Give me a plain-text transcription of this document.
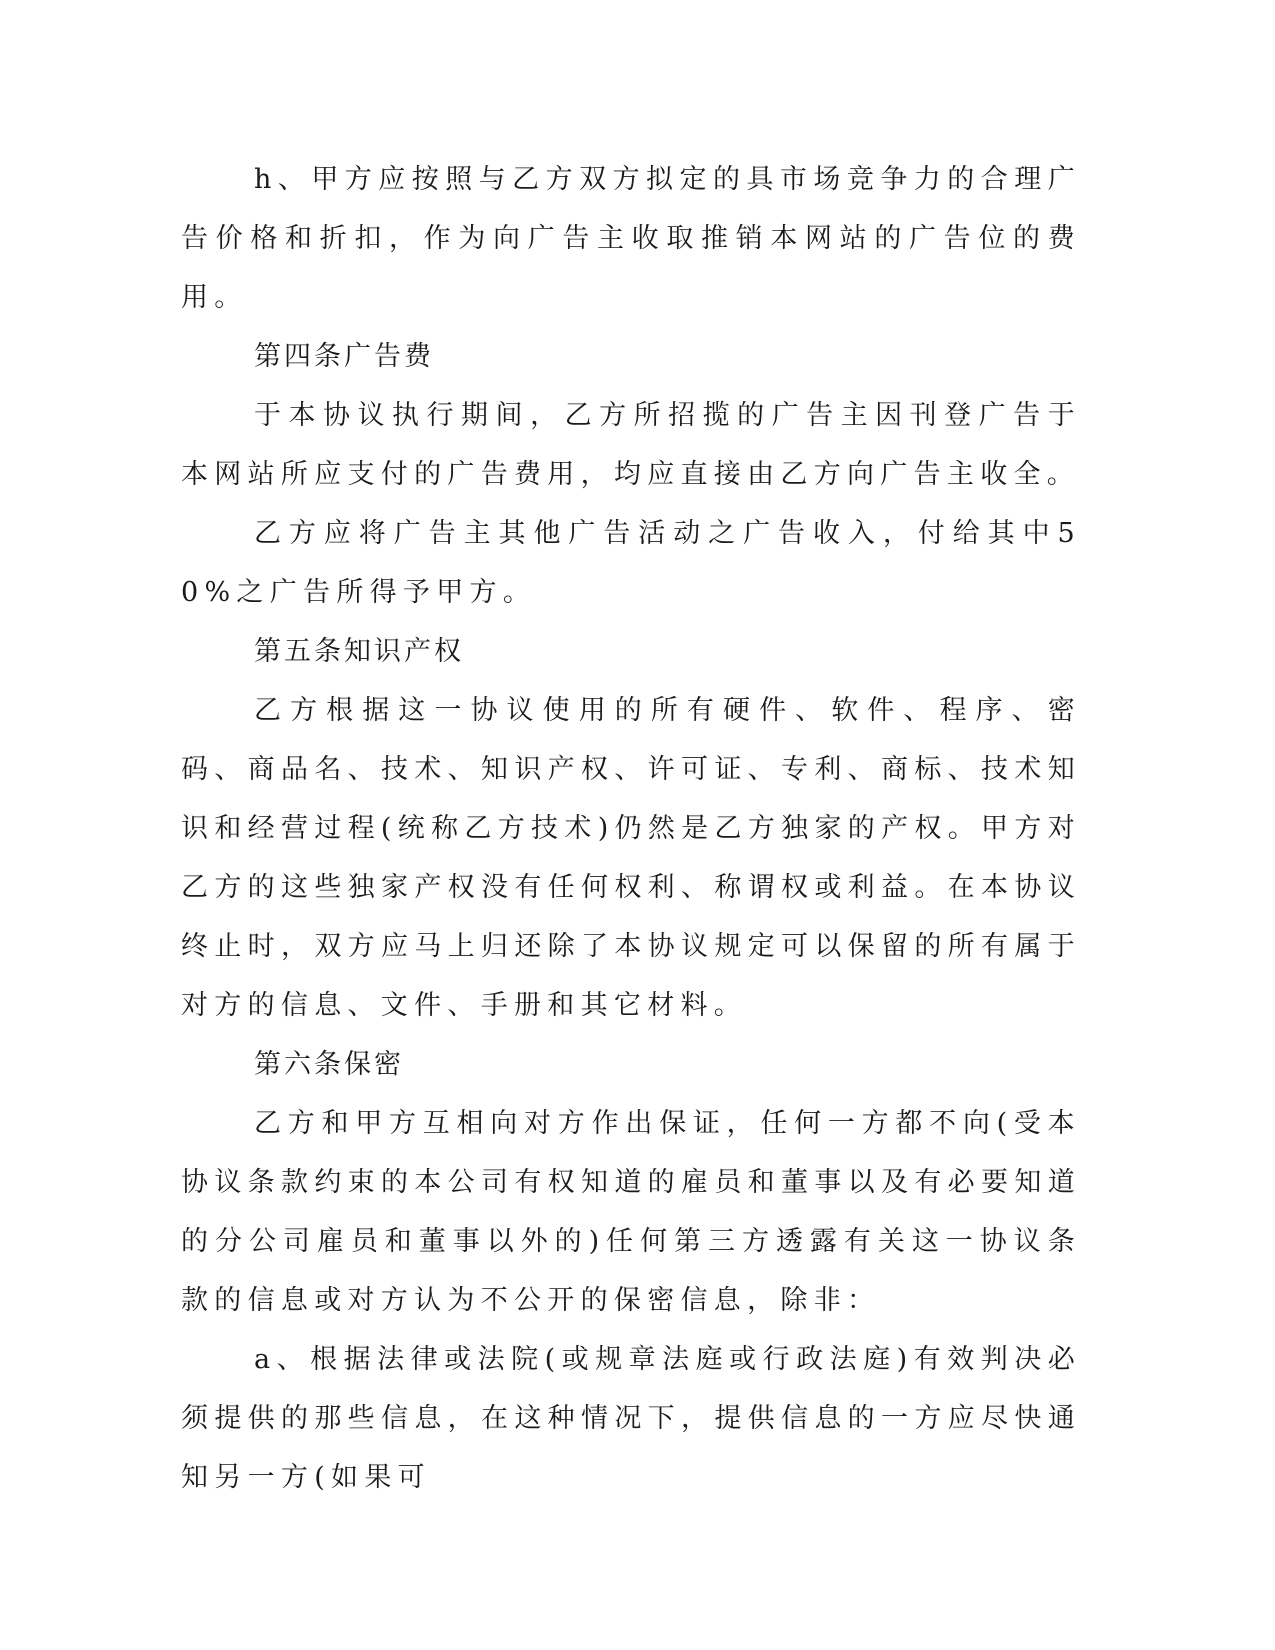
h、甲方应按照与乙方双方拟定的具市场竞争力的合理广告价格和折扣，作为向广告主收取推销本网站的广告位的费用。

第四条广告费

于本协议执行期间，乙方所招揽的广告主因刊登广告于本网站所应支付的广告费用，均应直接由乙方向广告主收全。

乙方应将广告主其他广告活动之广告收入，付给其中50%之广告所得予甲方。

第五条知识产权

乙方根据这一协议使用的所有硬件、软件、程序、密码、商品名、技术、知识产权、许可证、专利、商标、技术知识和经营过程(统称乙方技术)仍然是乙方独家的产权。甲方对乙方的这些独家产权没有任何权利、称谓权或利益。在本协议终止时，双方应马上归还除了本协议规定可以保留的所有属于对方的信息、文件、手册和其它材料。

第六条保密

乙方和甲方互相向对方作出保证，任何一方都不向(受本协议条款约束的本公司有权知道的雇员和董事以及有必要知道的分公司雇员和董事以外的)任何第三方透露有关这一协议条款的信息或对方认为不公开的保密信息，除非：

a、根据法律或法院(或规章法庭或行政法庭)有效判决必须提供的那些信息，在这种情况下，提供信息的一方应尽快通知另一方(如果可
